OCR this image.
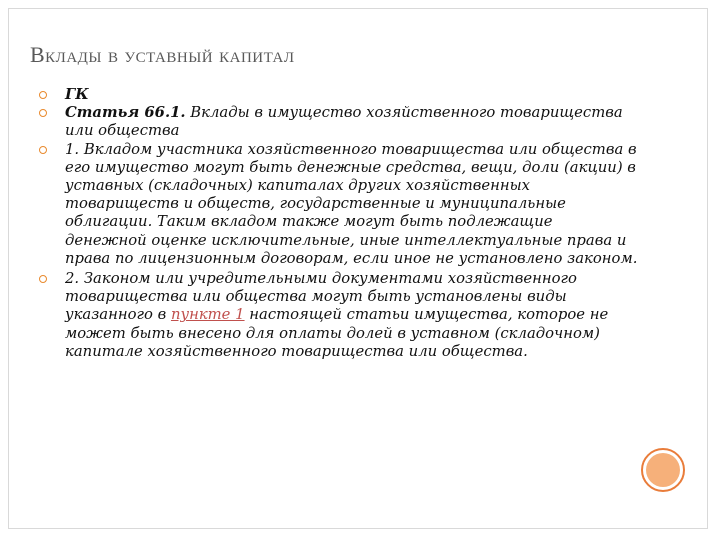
Вклады в уставный капитал
ГК
Статья 66.1. Вклады в имущество хозяйственного товарищества или общества
1. Вкладом участника хозяйственного товарищества или общества в его имущество могут быть денежные средства, вещи, доли (акции) в уставных (складочных) капиталах других хозяйственных товариществ и обществ, государственные и муниципальные облигации. Таким вкладом также могут быть подлежащие денежной оценке исключительные, иные интеллектуальные права и права по лицензионным договорам, если иное не установлено законом.
2. Законом или учредительными документами хозяйственного товарищества или общества могут быть установлены виды указанного в пункте 1 настоящей статьи имущества, которое не может быть внесено для оплаты долей в уставном (складочном) капитале хозяйственного товарищества или общества.
